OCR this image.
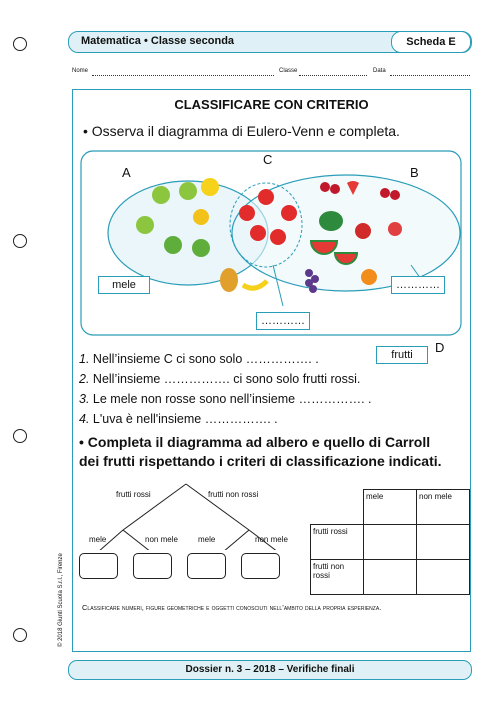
Matematica • Classe seconda	Scheda E
Nome	Classe	Data
CLASSIFICARE CON CRITERIO
• Osserva il diagramma di Eulero-Venn e completa.
A
C
B
D
mele	…………
…………
frutti
1. Nell’insieme C ci sono solo ……………. .
2. Nell’insieme ……………. ci sono solo frutti rossi.
3. Le mele non rosse sono nell’insieme ……………. .
4. L'uva è nell'insieme ……………. .
• Completa il diagramma ad albero e quello di Carroll
dei frutti rispettando i criteri di classificazione indicati.
frutti rossi	frutti non rossi
mele	non mele	mele	non mele
	mele	non mele
frutti rossi		
frutti non rossi		
Classificare numeri, figure geometriche e oggetti conosciuti nell’ambito della propria esperienza.
© 2018 Giunti Scuola S.r.l., Firenze
Dossier n. 3 – 2018 – Verifiche finali
